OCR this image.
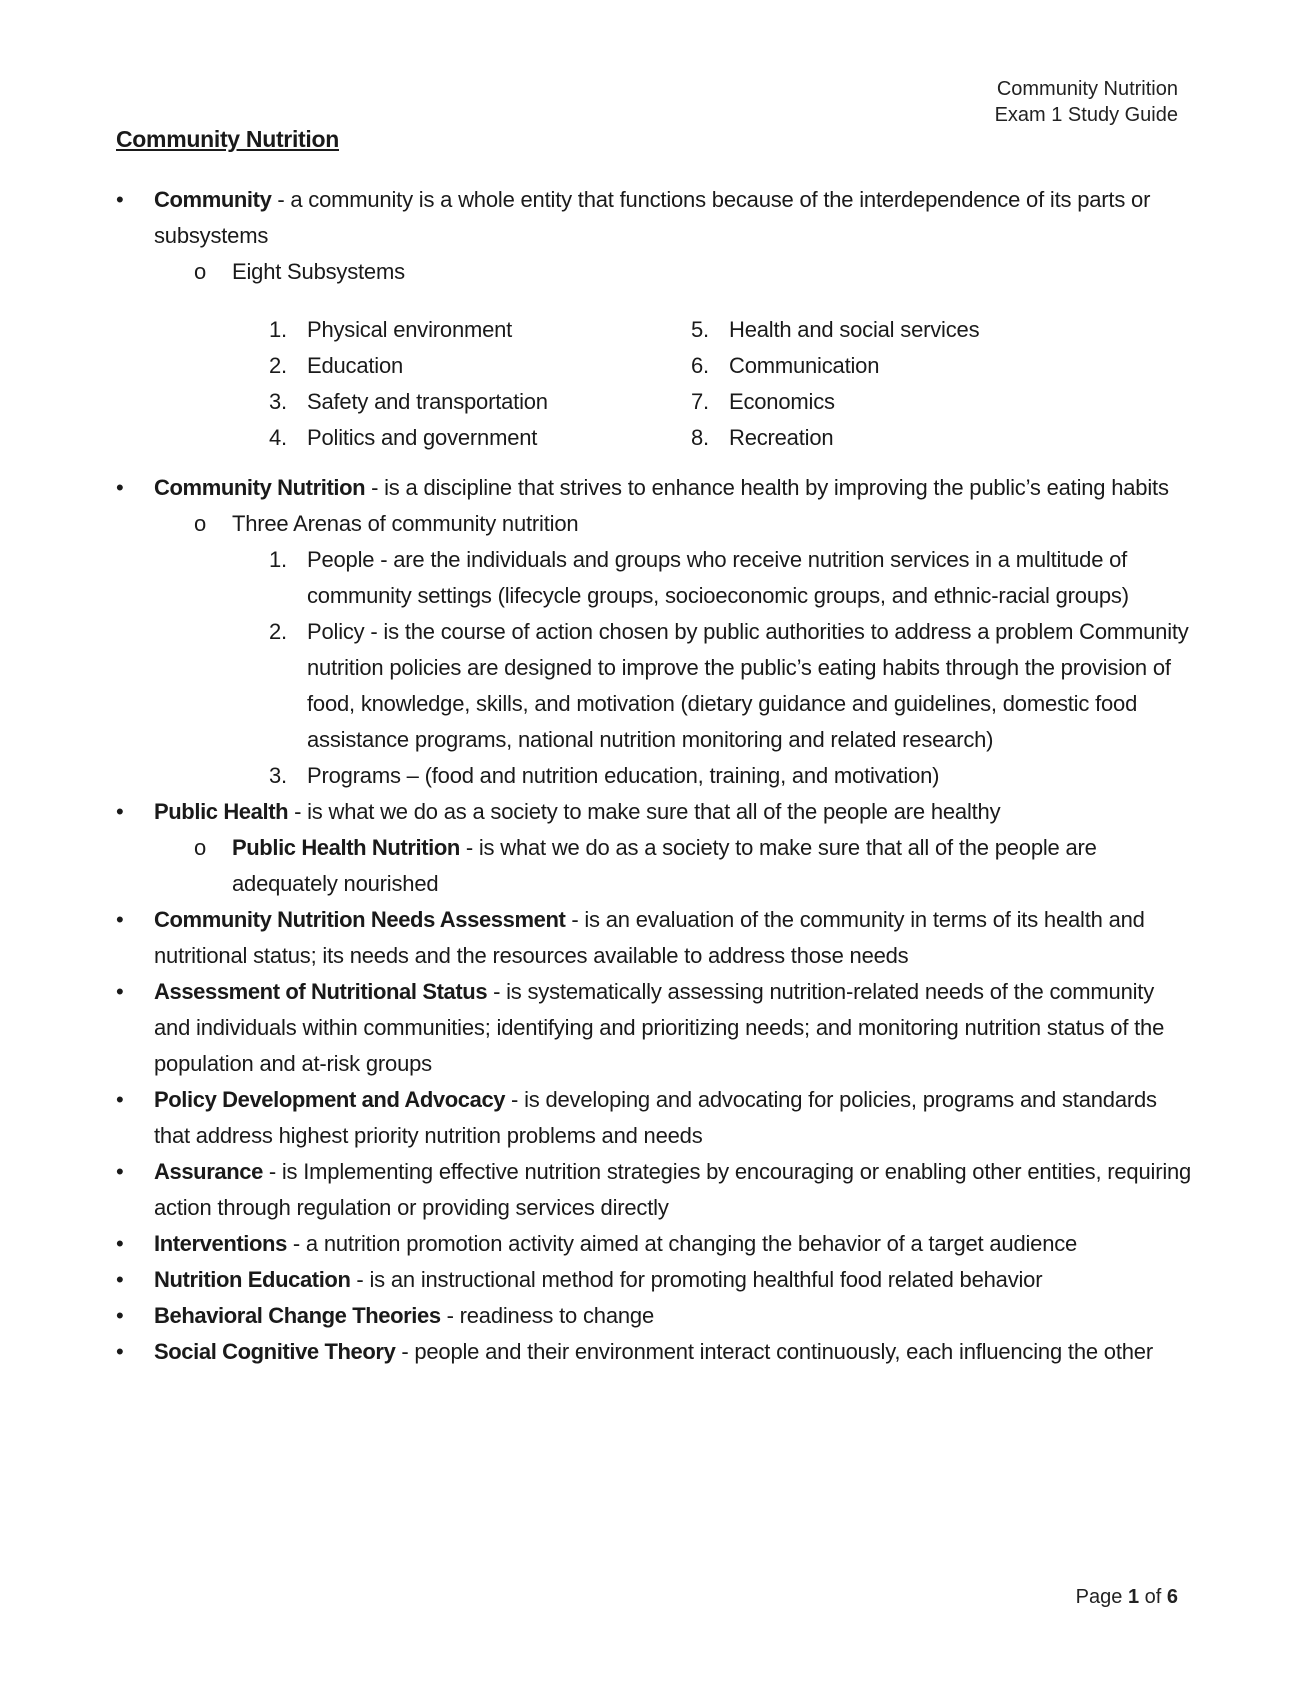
Community Nutrition
Exam 1 Study Guide
Community Nutrition
• Community - a community is a whole entity that functions because of the interdependence of its parts or subsystems
o Eight Subsystems
1. Physical environment
2. Education
3. Safety and transportation
4. Politics and government
5. Health and social services
6. Communication
7. Economics
8. Recreation
• Community Nutrition - is a discipline that strives to enhance health by improving the public’s eating habits
o Three Arenas of community nutrition
1. People - are the individuals and groups who receive nutrition services in a multitude of community settings (lifecycle groups, socioeconomic groups, and ethnic-racial groups)
2. Policy - is the course of action chosen by public authorities to address a problem Community nutrition policies are designed to improve the public’s eating habits through the provision of food, knowledge, skills, and motivation (dietary guidance and guidelines, domestic food assistance programs, national nutrition monitoring and related research)
3. Programs – (food and nutrition education, training, and motivation)
• Public Health - is what we do as a society to make sure that all of the people are healthy
o Public Health Nutrition - is what we do as a society to make sure that all of the people are adequately nourished
• Community Nutrition Needs Assessment - is an evaluation of the community in terms of its health and nutritional status; its needs and the resources available to address those needs
• Assessment of Nutritional Status - is systematically assessing nutrition-related needs of the community and individuals within communities; identifying and prioritizing needs; and monitoring nutrition status of the population and at-risk groups
• Policy Development and Advocacy - is developing and advocating for policies, programs and standards that address highest priority nutrition problems and needs
• Assurance - is Implementing effective nutrition strategies by encouraging or enabling other entities, requiring action through regulation or providing services directly
• Interventions - a nutrition promotion activity aimed at changing the behavior of a target audience
• Nutrition Education - is an instructional method for promoting healthful food related behavior
• Behavioral Change Theories - readiness to change
• Social Cognitive Theory - people and their environment interact continuously, each influencing the other
Page 1 of 6
